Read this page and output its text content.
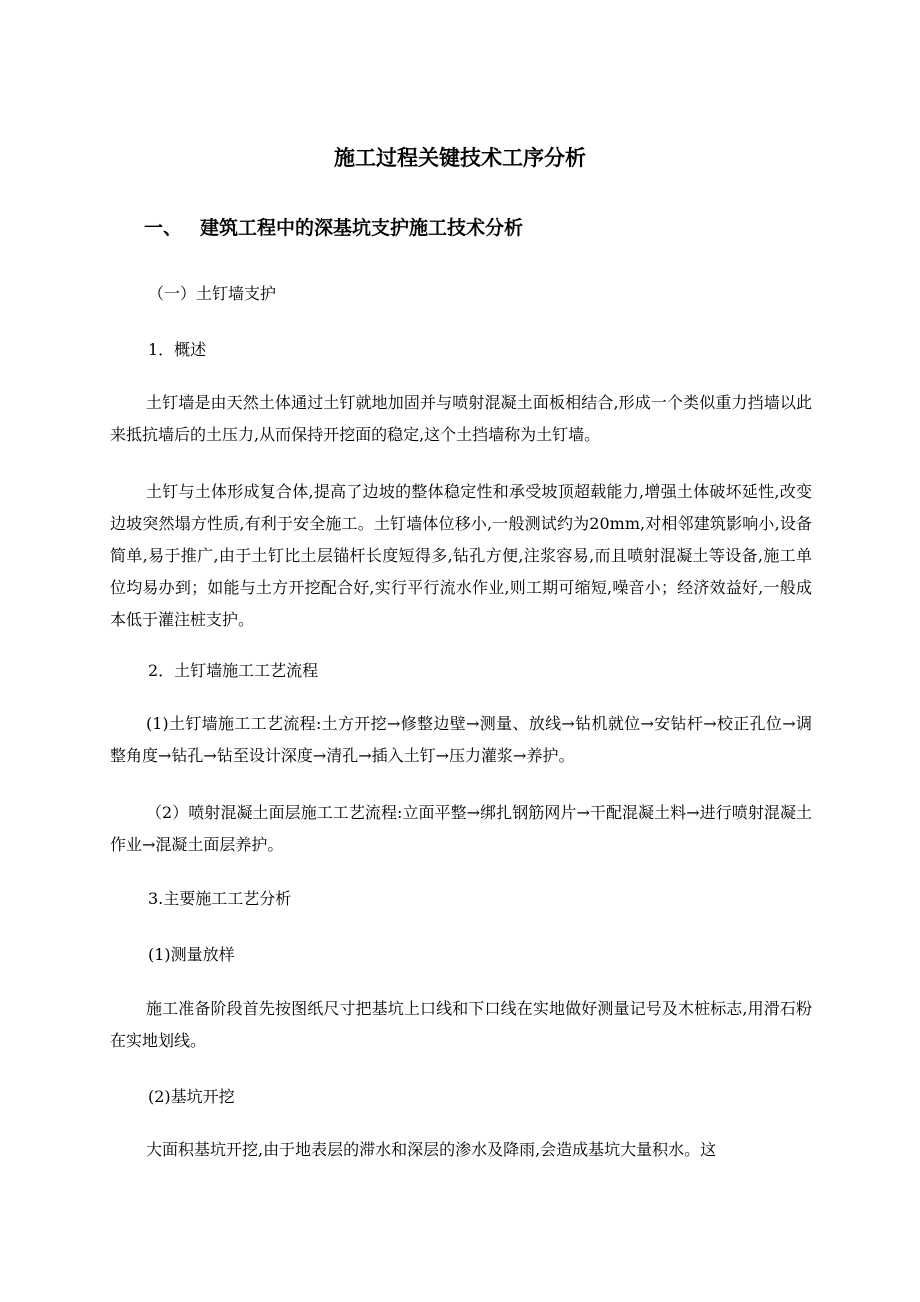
施工过程关键技术工序分析
一、 建筑工程中的深基坑支护施工技术分析

（一）土钉墙支护

1．概述

土钉墙是由天然土体通过土钉就地加固并与喷射混凝土面板相结合,形成一个类似重力挡墙以此来抵抗墙后的土压力,从而保持开挖面的稳定,这个土挡墙称为土钉墙。

土钉与土体形成复合体,提高了边坡的整体稳定性和承受坡顶超载能力,增强土体破坏延性,改变边坡突然塌方性质,有利于安全施工。土钉墙体位移小,一般测试约为20mm,对相邻建筑影响小,设备简单,易于推广,由于土钉比土层锚杆长度短得多,钻孔方便,注浆容易,而且喷射混凝土等设备,施工单位均易办到；如能与土方开挖配合好,实行平行流水作业,则工期可缩短,噪音小；经济效益好,一般成本低于灌注桩支护。

2．土钉墙施工工艺流程

(1)土钉墙施工工艺流程:土方开挖→修整边壁→测量、放线→钻机就位→安钻杆→校正孔位→调整角度→钻孔→钻至设计深度→清孔→插入土钉→压力灌浆→养护。

（2）喷射混凝土面层施工工艺流程:立面平整→绑扎钢筋网片→干配混凝土料→进行喷射混凝土作业→混凝土面层养护。

3.主要施工工艺分析

(1)测量放样

施工准备阶段首先按图纸尺寸把基坑上口线和下口线在实地做好测量记号及木桩标志,用滑石粉在实地划线。

(2)基坑开挖

大面积基坑开挖,由于地表层的滞水和深层的渗水及降雨,会造成基坑大量积水。这
